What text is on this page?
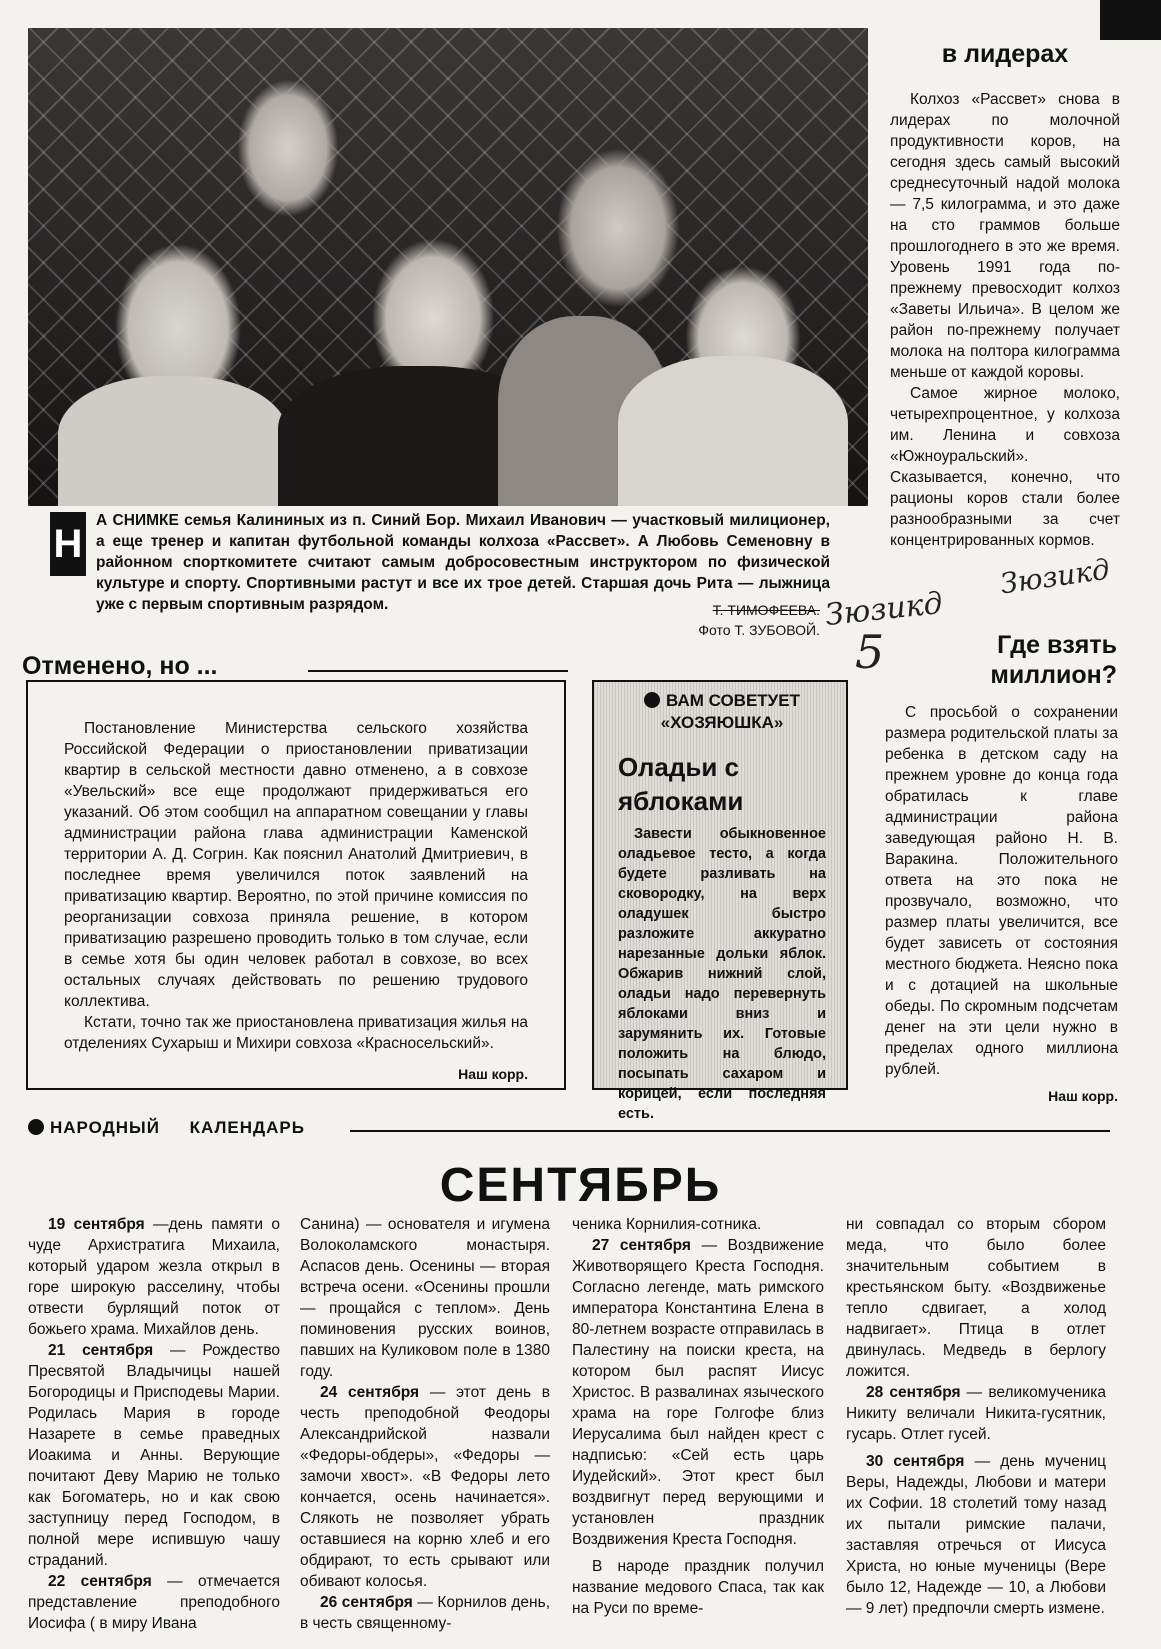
в лидерах

Колхоз «Рассвет» снова в лидерах по молочной продуктивности коров, на сегодня здесь самый высокий среднесуточный надой молока — 7,5 килограмма, и это даже на сто граммов больше прошлогоднего в это же время. Уровень 1991 года по-прежнему превосходит колхоз «Заветы Ильича». В целом же район по-прежнему получает молока на полтора килограмма меньше от каждой коровы.

Самое жирное молоко, четырехпроцентное, у колхоза им. Ленина и совхоза «Южноуральский». Сказывается, конечно, что рационы коров стали более разнообразными за счет концентрированных кормов.

Н
А СНИМКЕ семья Калининых из п. Синий Бор. Михаил Иванович — участковый милиционер, а еще тренер и капитан футбольной команды колхоза «Рассвет». А Любовь Семеновну в районном спорткомитете считают самым добросовестным инструктором по физической культуре и спорту. Спортивными растут и все их трое детей. Старшая дочь Рита — лыжница уже с первым спортивным разрядом.	Т. ТИМОФЕЕВА.
Фото Т. ЗУБОВОЙ.
Отменено, но ...

Постановление Министерства сельского хозяйства Российской Федерации о приостановлении приватизации квартир в сельской местности давно отменено, а в совхозе «Увельский» все еще продолжают придерживаться его указаний. Об этом сообщил на аппаратном совещании у главы администрации района глава администрации Каменской территории А. Д. Согрин. Как пояснил Анатолий Дмитриевич, в последнее время увеличился поток заявлений на приватизацию квартир. Вероятно, по этой причине комиссия по реорганизации совхоза приняла решение, в котором приватизацию разрешено проводить только в том случае, если в семье хотя бы один человек работал в совхозе, во всех остальных случаях действовать по решению трудового коллектива.

Кстати, точно так же приостановлена приватизация жилья на отделениях Сухарыш и Михири совхоза «Красносельский».

Наш корр.
ВАМ СОВЕТУЕТ «ХОЗЯЮШКА»
Оладьи с яблоками
Завести обыкновенное оладьевое тесто, а когда будете разливать на сковородку, на верх оладушек быстро разложите аккуратно нарезанные дольки яблок. Обжарив нижний слой, оладьи надо перевернуть яблоками вниз и зарумянить их. Готовые положить на блюдо, посыпать сахаром и корицей, если последняя есть.
Где взять миллион?

С просьбой о сохранении размера родительской платы за ребенка в детском саду на прежнем уровне до конца года обратилась к главе администрации района заведующая районо Н. В. Варакина. Положительного ответа на это пока не прозвучало, возможно, что размер платы увеличится, все будет зависеть от состояния местного бюджета. Неясно пока и с дотацией на школьные обеды. По скромным подсчетам денег на эти цели нужно в пределах одного миллиона рублей.

Наш корр.
НАРОДНЫЙ КАЛЕНДАРЬ
СЕНТЯБРЬ

19 сентября —день памяти о чуде Архистратига Михаила, который ударом жезла открыл в горе широкую расселину, чтобы отвести бурлящий поток от божьего храма. Михайлов день.

21 сентября — Рождество Пресвятой Владычицы нашей Богородицы и Присподевы Марии. Родилась Мария в городе Назарете в семье праведных Иоакима и Анны. Верующие почитают Деву Марию не только как Богоматерь, но и как свою заступницу перед Господом, в полной мере испившую чашу страданий.

22 сентября — отмечается представление преподобного Иосифа ( в миру Ивана

Санина) — основателя и игумена Волоколамского монастыря. Аспасов день. Осенины — вторая встреча осени. «Осенины прошли — прощайся с теплом». День поминовения русских воинов, павших на Куликовом поле в 1380 году.

24 сентября — этот день в честь преподобной Феодоры Александрийской назвали «Федоры-обдеры», «Федоры — замочи хвост». «В Федоры лето кончается, осень начинается». Слякоть не позволяет убрать оставшиеся на корню хлеб и его обдирают, то есть срывают или обивают колосья.

26 сентября — Корнилов день, в честь священному-

ченика Корнилия-сотника.

27 сентября — Воздвижение Животворящего Креста Господня. Согласно легенде, мать римского императора Константина Елена в 80-летнем возрасте отправилась в Палестину на поиски креста, на котором был распят Иисус Христос. В развалинах языческого храма на горе Голгофе близ Иерусалима был найден крест с надписью: «Сей есть царь Иудейский». Этот крест был воздвигнут перед верующими и установлен праздник Воздвижения Креста Господня.

В народе праздник получил название медового Спаса, так как на Руси по време-

ни совпадал со вторым сбором меда, что было более значительным событием в крестьянском быту. «Воздвиженье тепло сдвигает, а холод надвигает». Птица в отлет двинулась. Медведь в берлогу ложится.

28 сентября — великомученика Никиту величали Никита-гусятник, гусарь. Отлет гусей.

30 сентября — день мучениц Веры, Надежды, Любови и матери их Софии. 18 столетий тому назад их пытали римские палачи, заставляя отречься от Иисуса Христа, но юные мученицы (Вере было 12, Надежде — 10, а Любови — 9 лет) предпочли смерть измене.

Зюзикд
Зюзикд
5
